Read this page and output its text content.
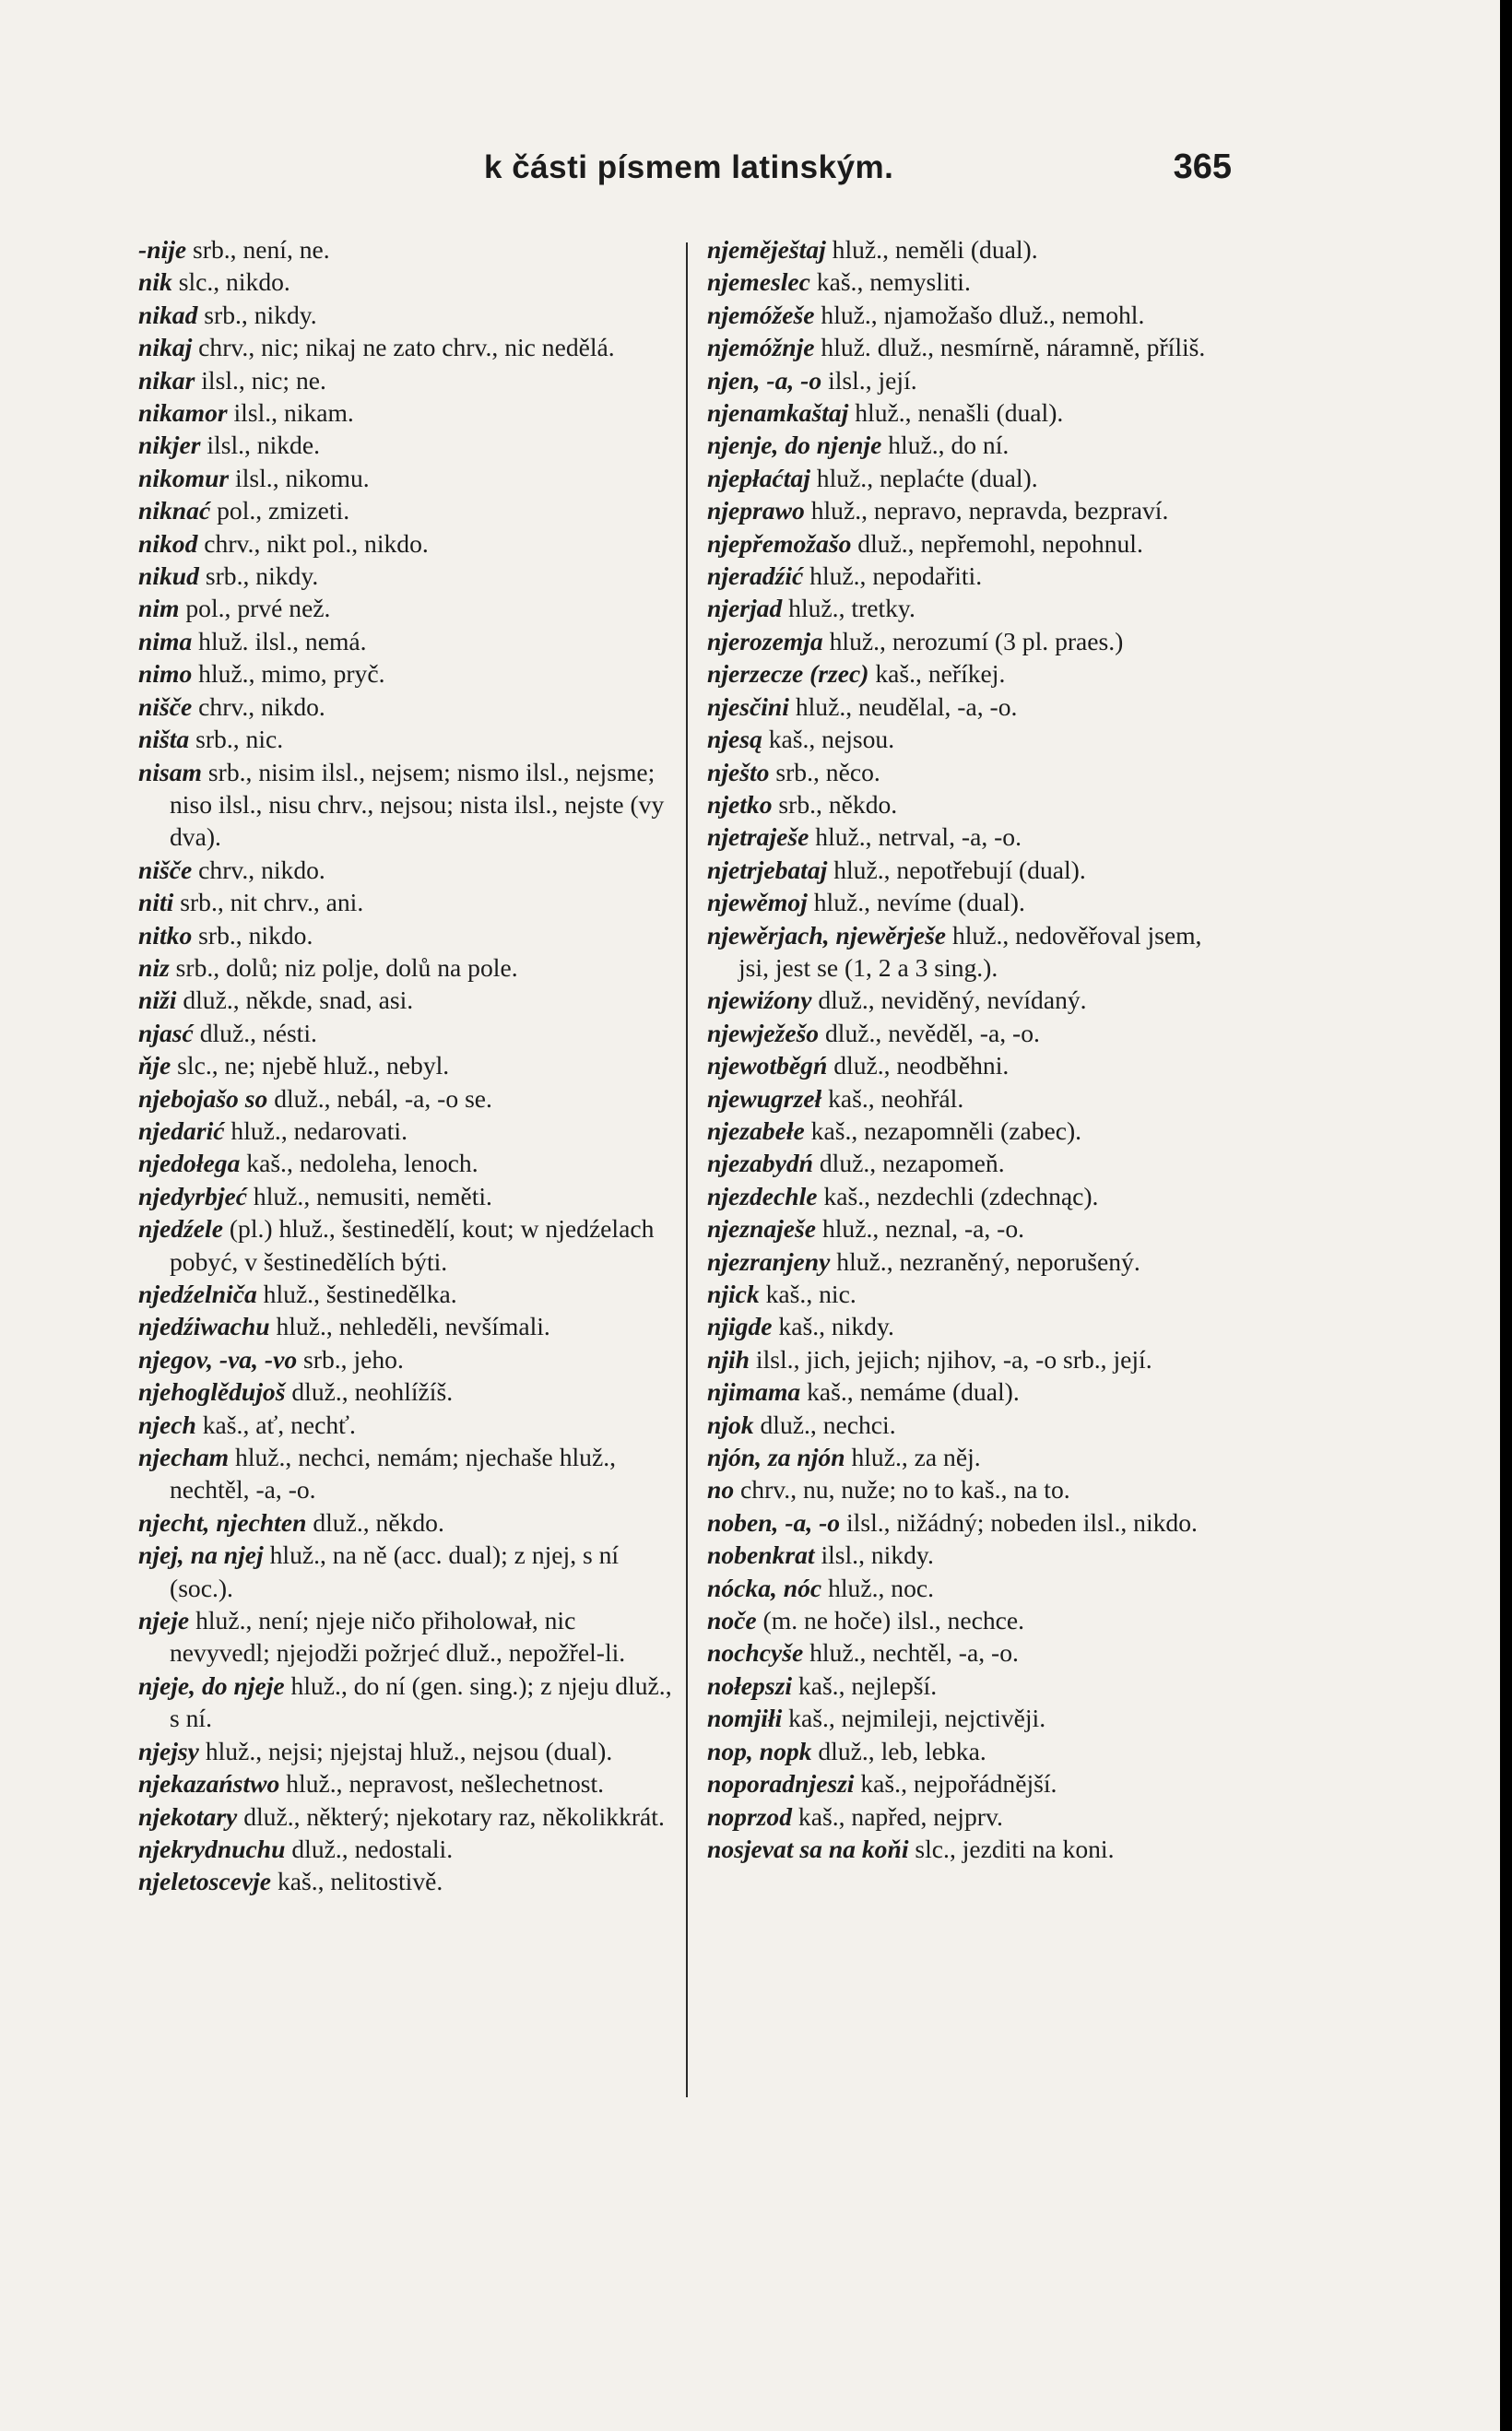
k části písmem latinským.	365

-nije srb., není, ne.

nik slc., nikdo.

nikad srb., nikdy.

nikaj chrv., nic; nikaj ne zato chrv., nic nedělá.

nikar ilsl., nic; ne.

nikamor ilsl., nikam.

nikjer ilsl., nikde.

nikomur ilsl., nikomu.

niknać pol., zmizeti.

nikod chrv., nikt pol., nikdo.

nikud srb., nikdy.

nim pol., prvé než.

nima hluž. ilsl., nemá.

nimo hluž., mimo, pryč.

nišče chrv., nikdo.

ništa srb., nic.

nisam srb., nisim ilsl., nejsem; nismo ilsl., nejsme; niso ilsl., nisu chrv., nejsou; nista ilsl., nejste (vy dva).

nišče chrv., nikdo.

niti srb., nit chrv., ani.

nitko srb., nikdo.

niz srb., dolů; niz polje, dolů na pole.

niži dluž., někde, snad, asi.

njasć dluž., nésti.

ňje slc., ne; njebě hluž., nebyl.

njebojašo so dluž., nebál, -a, -o se.

njedarić hluž., nedarovati.

njedołega kaš., nedoleha, lenoch.

njedyrbjeć hluž., nemusiti, neměti.

njedźele (pl.) hluž., šestinedělí, kout; w njedźelach pobyć, v šestinedělích býti.

njedźelniča hluž., šestinedělka.

njedźiwachu hluž., nehleděli, nevšímali.

njegov, -va, -vo srb., jeho.

njehoglědujoš dluž., neohlížíš.

njech kaš., ať, nechť.

njecham hluž., nechci, nemám; njechaše hluž., nechtěl, -a, -o.

njecht, njechten dluž., někdo.

njej, na njej hluž., na ně (acc. dual); z njej, s ní (soc.).

njeje hluž., není; njeje ničo přiholował, nic nevyvedl; njejodži požrjeć dluž., nepožřel-li.

njeje, do njeje hluž., do ní (gen. sing.); z njeju dluž., s ní.

njejsy hluž., nejsi; njejstaj hluž., nejsou (dual).

njekazaństwo hluž., nepravost, nešlechetnost.

njekotary dluž., některý; njekotary raz, několikkrát.

njekrydnuchu dluž., nedostali.

njeletoscevje kaš., nelitostivě.

njeměještaj hluž., neměli (dual).

njemeslec kaš., nemysliti.

njemóžeše hluž., njamožašo dluž., nemohl.

njemóžnje hluž. dluž., nesmírně, náramně, příliš.

njen, -a, -o ilsl., její.

njenamkaštaj hluž., nenašli (dual).

njenje, do njenje hluž., do ní.

njepłaćtaj hluž., neplaćte (dual).

njeprawo hluž., nepravo, nepravda, bezpraví.

njepřemožašo dluž., nepřemohl, nepohnul.

njeradźić hluž., nepodařiti.

njerjad hluž., tretky.

njerozemja hluž., nerozumí (3 pl. praes.)

njerzecze (rzec) kaš., neříkej.

njesčini hluž., neudělal, -a, -o.

njesą kaš., nejsou.

nješto srb., něco.

njetko srb., někdo.

njetraješe hluž., netrval, -a, -o.

njetrjebataj hluž., nepotřebují (dual).

njewěmoj hluž., nevíme (dual).

njewěrjach, njewěrješe hluž., nedověřoval jsem, jsi, jest se (1, 2 a 3 sing.).

njewiźony dluž., neviděný, nevídaný.

njewježešo dluž., nevěděl, -a, -o.

njewotběgń dluž., neodběhni.

njewugrzeł kaš., neohřál.

njezabełe kaš., nezapomněli (zabec).

njezabydń dluž., nezapomeň.

njezdechle kaš., nezdechli (zdechnąc).

njeznaješe hluž., neznal, -a, -o.

njezranjeny hluž., nezraněný, neporušený.

njick kaš., nic.

njigde kaš., nikdy.

njih ilsl., jich, jejich; njihov, -a, -o srb., její.

njimama kaš., nemáme (dual).

njok dluž., nechci.

njón, za njón hluž., za něj.

no chrv., nu, nuže; no to kaš., na to.

noben, -a, -o ilsl., nižádný; nobeden ilsl., nikdo.

nobenkrat ilsl., nikdy.

nócka, nóc hluž., noc.

noče (m. ne hoče) ilsl., nechce.

nochcyše hluž., nechtěl, -a, -o.

nołepszi kaš., nejlepší.

nomjiłi kaš., nejmileji, nejctivěji.

nop, nopk dluž., leb, lebka.

noporadnjeszi kaš., nejpořádnější.

noprzod kaš., napřed, nejprv.

nosjevat sa na koňi slc., jezditi na koni.
